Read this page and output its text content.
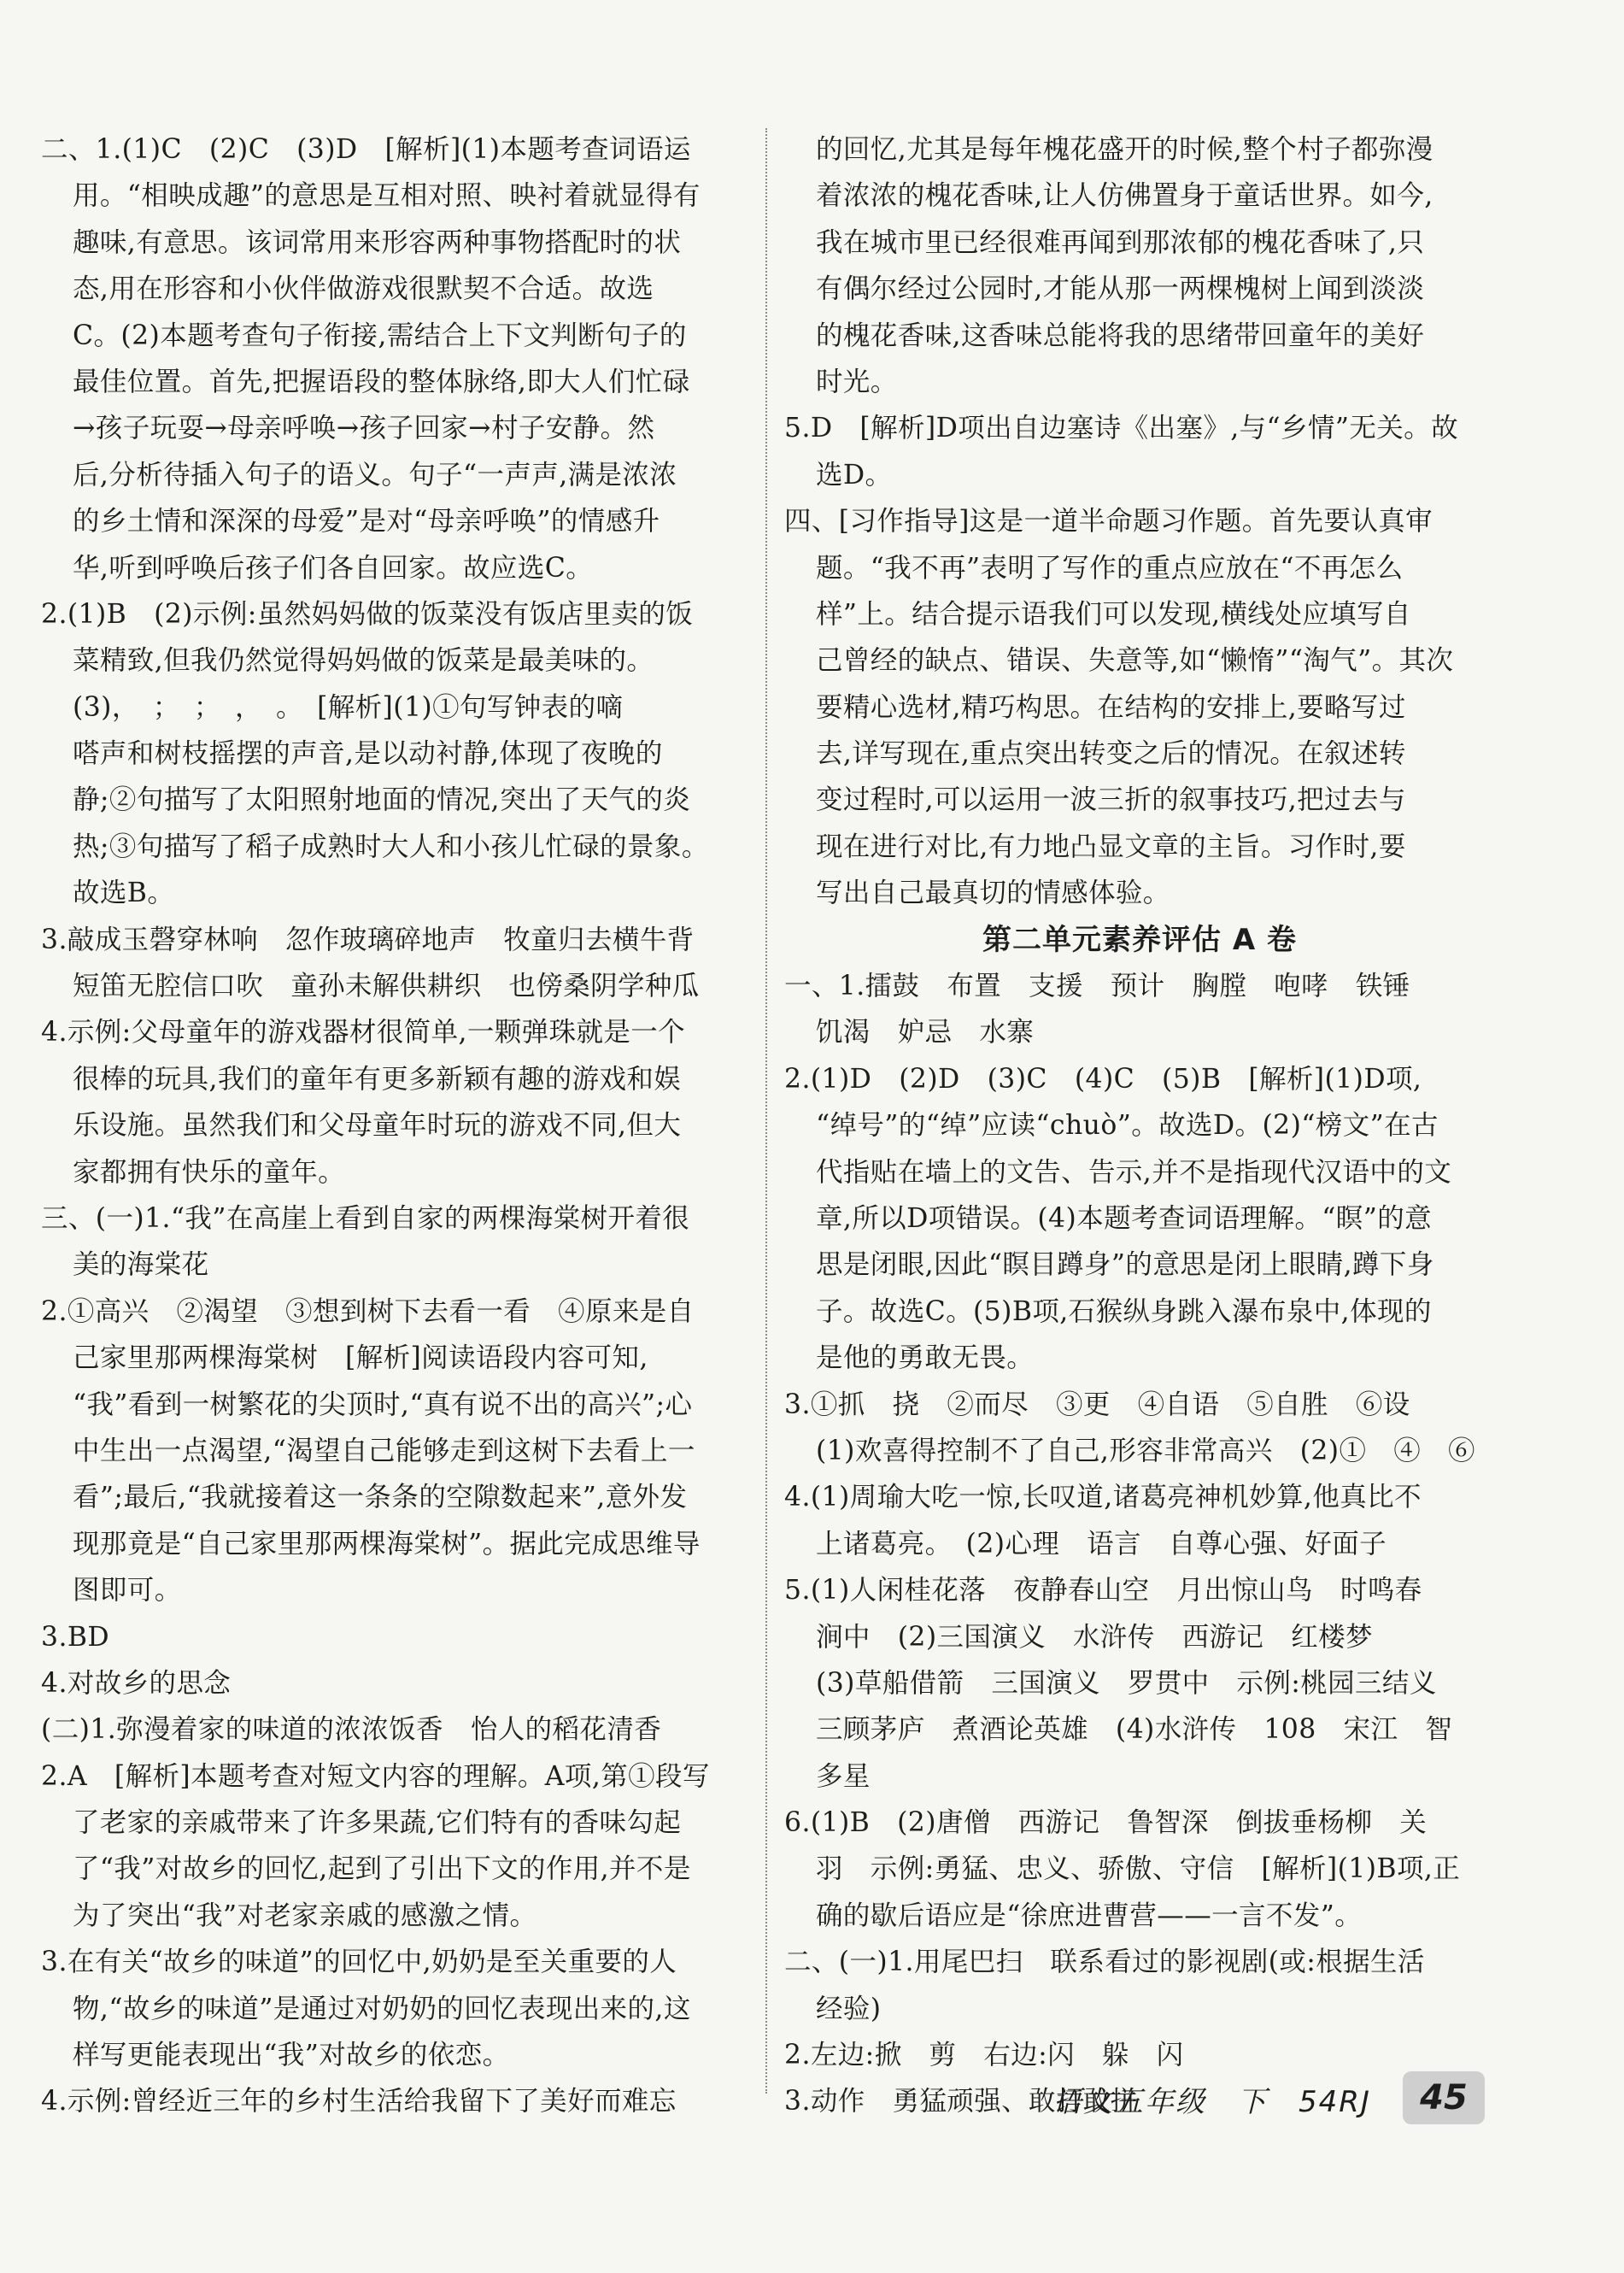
二、1.(1)C　(2)C　(3)D　[解析](1)本题考查词语运
用。“相映成趣”的意思是互相对照、映衬着就显得有
趣味,有意思。该词常用来形容两种事物搭配时的状
态,用在形容和小伙伴做游戏很默契不合适。故选
C。(2)本题考查句子衔接,需结合上下文判断句子的
最佳位置。首先,把握语段的整体脉络,即大人们忙碌
→孩子玩耍→母亲呼唤→孩子回家→村子安静。然
后,分析待插入句子的语义。句子“一声声,满是浓浓
的乡土情和深深的母爱”是对“母亲呼唤”的情感升
华,听到呼唤后孩子们各自回家。故应选C。
2.(1)B　(2)示例:虽然妈妈做的饭菜没有饭店里卖的饭
菜精致,但我仍然觉得妈妈做的饭菜是最美味的。
(3)，　；　；　，　。　[解析](1)①句写钟表的嘀
嗒声和树枝摇摆的声音,是以动衬静,体现了夜晚的
静;②句描写了太阳照射地面的情况,突出了天气的炎
热;③句描写了稻子成熟时大人和小孩儿忙碌的景象。
故选B。
3.敲成玉磬穿林响　忽作玻璃碎地声　牧童归去横牛背
短笛无腔信口吹　童孙未解供耕织　也傍桑阴学种瓜
4.示例:父母童年的游戏器材很简单,一颗弹珠就是一个
很棒的玩具,我们的童年有更多新颖有趣的游戏和娱
乐设施。虽然我们和父母童年时玩的游戏不同,但大
家都拥有快乐的童年。
三、(一)1.“我”在高崖上看到自家的两棵海棠树开着很
美的海棠花
2.①高兴　②渴望　③想到树下去看一看　④原来是自
己家里那两棵海棠树　[解析]阅读语段内容可知,
“我”看到一树繁花的尖顶时,“真有说不出的高兴”;心
中生出一点渴望,“渴望自己能够走到这树下去看上一
看”;最后,“我就接着这一条条的空隙数起来”,意外发
现那竟是“自己家里那两棵海棠树”。据此完成思维导
图即可。
3.BD
4.对故乡的思念
(二)1.弥漫着家的味道的浓浓饭香　怡人的稻花清香
2.A　[解析]本题考查对短文内容的理解。A项,第①段写
了老家的亲戚带来了许多果蔬,它们特有的香味勾起
了“我”对故乡的回忆,起到了引出下文的作用,并不是
为了突出“我”对老家亲戚的感激之情。
3.在有关“故乡的味道”的回忆中,奶奶是至关重要的人
物,“故乡的味道”是通过对奶奶的回忆表现出来的,这
样写更能表现出“我”对故乡的依恋。
4.示例:曾经近三年的乡村生活给我留下了美好而难忘
的回忆,尤其是每年槐花盛开的时候,整个村子都弥漫
着浓浓的槐花香味,让人仿佛置身于童话世界。如今,
我在城市里已经很难再闻到那浓郁的槐花香味了,只
有偶尔经过公园时,才能从那一两棵槐树上闻到淡淡
的槐花香味,这香味总能将我的思绪带回童年的美好
时光。
5.D　[解析]D项出自边塞诗《出塞》,与“乡情”无关。故
选D。
四、[习作指导]这是一道半命题习作题。首先要认真审
题。“我不再”表明了写作的重点应放在“不再怎么
样”上。结合提示语我们可以发现,横线处应填写自
己曾经的缺点、错误、失意等,如“懒惰”“淘气”。其次
要精心选材,精巧构思。在结构的安排上,要略写过
去,详写现在,重点突出转变之后的情况。在叙述转
变过程时,可以运用一波三折的叙事技巧,把过去与
现在进行对比,有力地凸显文章的主旨。习作时,要
写出自己最真切的情感体验。
第二单元素养评估 A 卷
一、1.擂鼓　布置　支援　预计　胸膛　咆哮　铁锤
饥渴　妒忌　水寨
2.(1)D　(2)D　(3)C　(4)C　(5)B　[解析](1)D项,
“绰号”的“绰”应读“chuò”。故选D。(2)“榜文”在古
代指贴在墙上的文告、告示,并不是指现代汉语中的文
章,所以D项错误。(4)本题考查词语理解。“瞑”的意
思是闭眼,因此“瞑目蹲身”的意思是闭上眼睛,蹲下身
子。故选C。(5)B项,石猴纵身跳入瀑布泉中,体现的
是他的勇敢无畏。
3.①抓　挠　②而尽　③更　④自语　⑤自胜　⑥设
(1)欢喜得控制不了自己,形容非常高兴　(2)①　④　⑥
4.(1)周瑜大吃一惊,长叹道,诸葛亮神机妙算,他真比不
上诸葛亮。　(2)心理　语言　自尊心强、好面子
5.(1)人闲桂花落　夜静春山空　月出惊山鸟　时鸣春
涧中　(2)三国演义　水浒传　西游记　红楼梦
(3)草船借箭　三国演义　罗贯中　示例:桃园三结义
三顾茅庐　煮酒论英雄　(4)水浒传　108　宋江　智
多星
6.(1)B　(2)唐僧　西游记　鲁智深　倒拔垂杨柳　关
羽　示例:勇猛、忠义、骄傲、守信　[解析](1)B项,正
确的歇后语应是“徐庶进曹营——一言不发”。
二、(一)1.用尾巴扫　联系看过的影视剧(或:根据生活
经验)
2.左边:掀　剪　右边:闪　躲　闪
3.动作　勇猛顽强、敢打敢拼
语文五年级　下　54RJ	45
